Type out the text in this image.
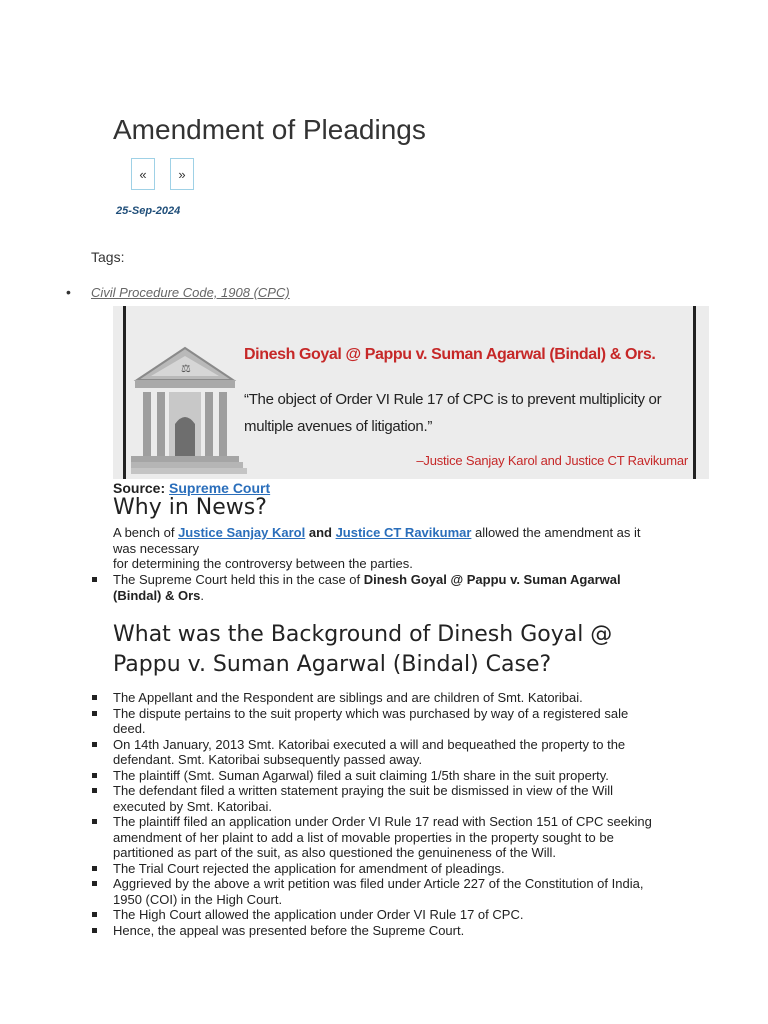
Amendment of Pleadings
«	»
25-Sep-2024
Tags:
• Civil Procedure Code, 1908 (CPC)
⚖
Dinesh Goyal @ Pappu v. Suman Agarwal (Bindal) & Ors.
“The object of Order VI Rule 17 of CPC is to prevent multiplicity or multiple avenues of litigation.”
–Justice Sanjay Karol and Justice CT Ravikumar
Source: Supreme Court
Why in News?
A bench of Justice Sanjay Karol and Justice CT Ravikumar allowed the amendment as it was necessary
for determining the controversy between the parties.
The Supreme Court held this in the case of Dinesh Goyal @ Pappu v. Suman Agarwal (Bindal) & Ors.
What was the Background of Dinesh Goyal @ Pappu v. Suman Agarwal (Bindal) Case?
The Appellant and the Respondent are siblings and are children of Smt. Katoribai.
The dispute pertains to the suit property which was purchased by way of a registered sale deed.
On 14th January, 2013 Smt. Katoribai executed a will and bequeathed the property to the defendant. Smt. Katoribai subsequently passed away.
The plaintiff (Smt. Suman Agarwal) filed a suit claiming 1/5th share in the suit property.
The defendant filed a written statement praying the suit be dismissed in view of the Will executed by Smt. Katoribai.
The plaintiff filed an application under Order VI Rule 17 read with Section 151 of CPC seeking amendment of her plaint to add a list of movable properties in the property sought to be partitioned as part of the suit, as also questioned the genuineness of the Will.
The Trial Court rejected the application for amendment of pleadings.
Aggrieved by the above a writ petition was filed under Article 227 of the Constitution of India, 1950 (COI) in the High Court.
The High Court allowed the application under Order VI Rule 17 of CPC.
Hence, the appeal was presented before the Supreme Court.
